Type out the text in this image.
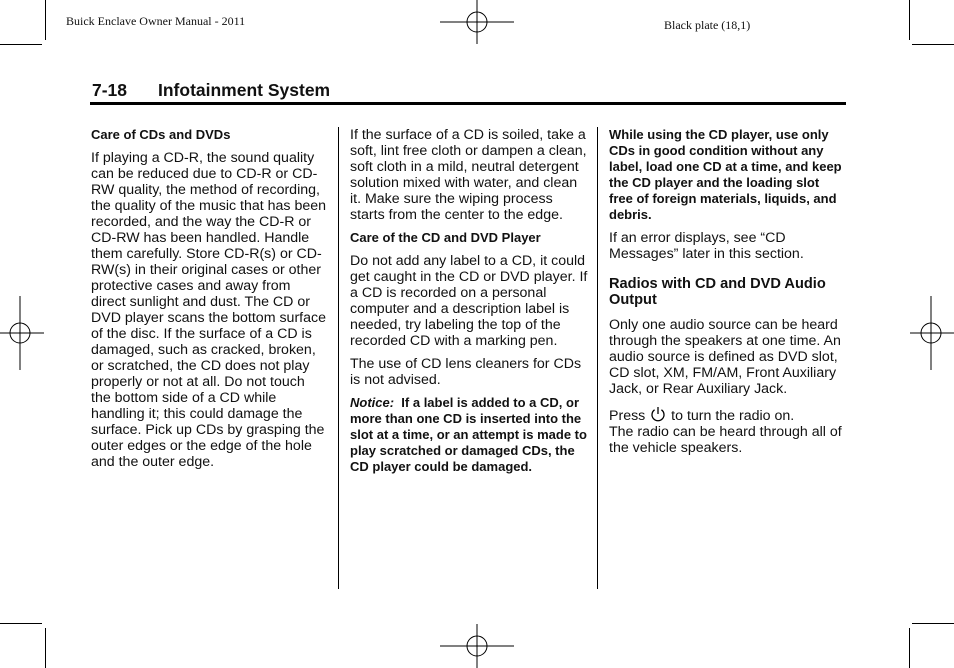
Buick Enclave Owner Manual - 2011	Black plate (18,1)
7-18 Infotainment System

Care of CDs and DVDs

If playing a CD-R, the sound quality can be reduced due to CD-R or CD-RW quality, the method of recording, the quality of the music that has been recorded, and the way the CD-R or CD-RW has been handled. Handle them carefully. Store CD-R(s) or CD-RW(s) in their original cases or other protective cases and away from direct sunlight and dust. The CD or DVD player scans the bottom surface of the disc. If the surface of a CD is damaged, such as cracked, broken, or scratched, the CD does not play properly or not at all. Do not touch the bottom side of a CD while handling it; this could damage the surface. Pick up CDs by grasping the outer edges or the edge of the hole and the outer edge.

If the surface of a CD is soiled, take a soft, lint free cloth or dampen a clean, soft cloth in a mild, neutral detergent solution mixed with water, and clean it. Make sure the wiping process starts from the center to the edge.

Care of the CD and DVD Player

Do not add any label to a CD, it could get caught in the CD or DVD player. If a CD is recorded on a personal computer and a description label is needed, try labeling the top of the recorded CD with a marking pen.

The use of CD lens cleaners for CDs is not advised.

Notice: If a label is added to a CD, or more than one CD is inserted into the slot at a time, or an attempt is made to play scratched or damaged CDs, the CD player could be damaged.

While using the CD player, use only CDs in good condition without any label, load one CD at a time, and keep the CD player and the loading slot free of foreign materials, liquids, and debris.

If an error displays, see “CD Messages” later in this section.

Radios with CD and DVD Audio Output

Only one audio source can be heard through the speakers at one time. An audio source is defined as DVD slot, CD slot, XM, FM/AM, Front Auxiliary Jack, or Rear Auxiliary Jack.

Press to turn the radio on.

The radio can be heard through all of the vehicle speakers.
